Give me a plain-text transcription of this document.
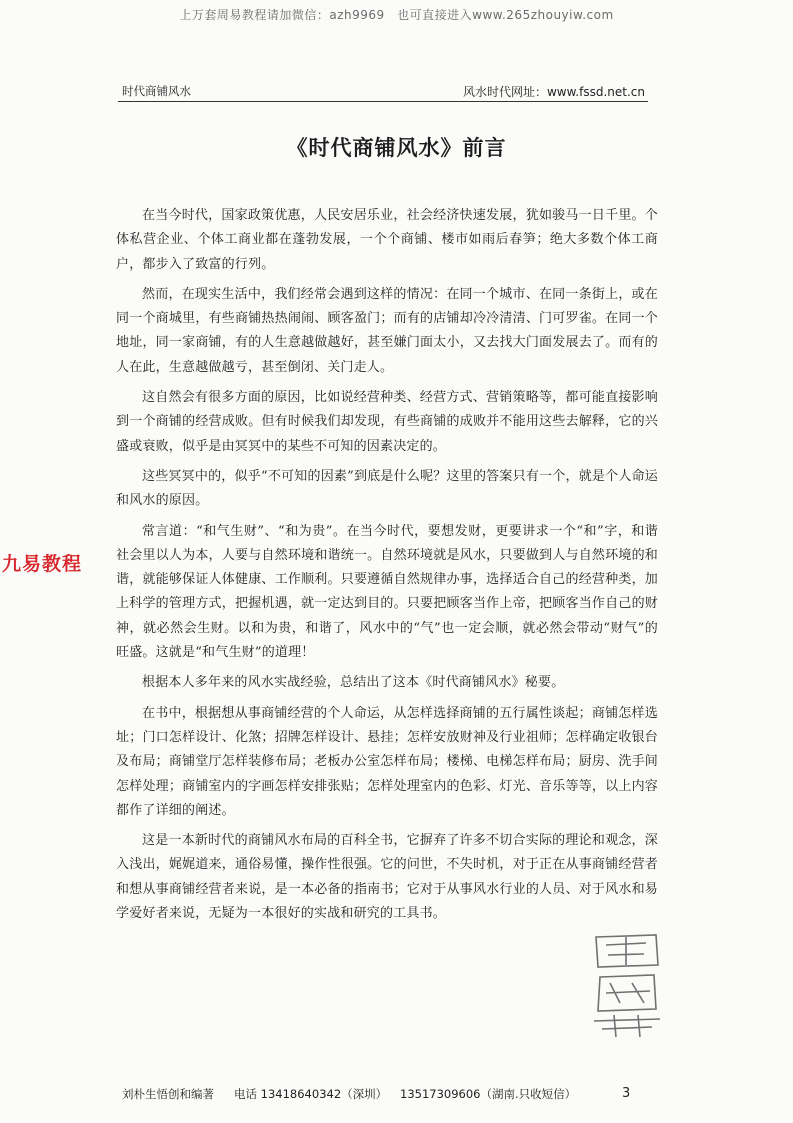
上万套周易教程请加微信：azh9969　也可直接进入www.265zhouyiw.com
时代商铺风水	风水时代网址：www.fssd.net.cn
《时代商铺风水》前言

在当今时代，国家政策优惠，人民安居乐业，社会经济快速发展，犹如骏马一日千里。个体私营企业、个体工商业都在蓬勃发展，一个个商铺、楼市如雨后春笋；绝大多数个体工商户，都步入了致富的行列。

然而，在现实生活中，我们经常会遇到这样的情况：在同一个城市、在同一条街上，或在同一个商城里，有些商铺热热闹闹、顾客盈门；而有的店铺却冷冷清清、门可罗雀。在同一个地址，同一家商铺，有的人生意越做越好，甚至嫌门面太小，又去找大门面发展去了。而有的人在此，生意越做越亏，甚至倒闭、关门走人。

这自然会有很多方面的原因，比如说经营种类、经营方式、营销策略等，都可能直接影响到一个商铺的经营成败。但有时候我们却发现，有些商铺的成败并不能用这些去解释，它的兴盛或衰败，似乎是由冥冥中的某些不可知的因素决定的。

这些冥冥中的，似乎“不可知的因素”到底是什么呢？这里的答案只有一个，就是个人命运和风水的原因。

常言道：“和气生财”、“和为贵”。在当今时代，要想发财，更要讲求一个“和”字，和谐社会里以人为本，人要与自然环境和谐统一。自然环境就是风水，只要做到人与自然环境的和谐，就能够保证人体健康、工作顺利。只要遵循自然规律办事，选择适合自己的经营种类，加上科学的管理方式，把握机遇，就一定达到目的。只要把顾客当作上帝，把顾客当作自己的财神，就必然会生财。以和为贵，和谐了，风水中的“气”也一定会顺，就必然会带动“财气”的旺盛。这就是“和气生财”的道理！

根据本人多年来的风水实战经验，总结出了这本《时代商铺风水》秘要。

在书中，根据想从事商铺经营的个人命运，从怎样选择商铺的五行属性谈起；商铺怎样选址；门口怎样设计、化煞；招牌怎样设计、悬挂；怎样安放财神及行业祖师；怎样确定收银台及布局；商铺堂厅怎样装修布局；老板办公室怎样布局；楼梯、电梯怎样布局；厨房、洗手间怎样处理；商铺室内的字画怎样安排张贴；怎样处理室内的色彩、灯光、音乐等等，以上内容都作了详细的阐述。

这是一本新时代的商铺风水布局的百科全书，它摒弃了许多不切合实际的理论和观念，深入浅出，娓娓道来，通俗易懂，操作性很强。它的问世，不失时机，对于正在从事商铺经营者和想从事商铺经营者来说，是一本必备的指南书；它对于从事风水行业的人员、对于风水和易学爱好者来说，无疑为一本很好的实战和研究的工具书。

九易教程
刘朴生悟创和编著 电话 13418640342（深圳） 13517309606（湖南.只收短信）	3
